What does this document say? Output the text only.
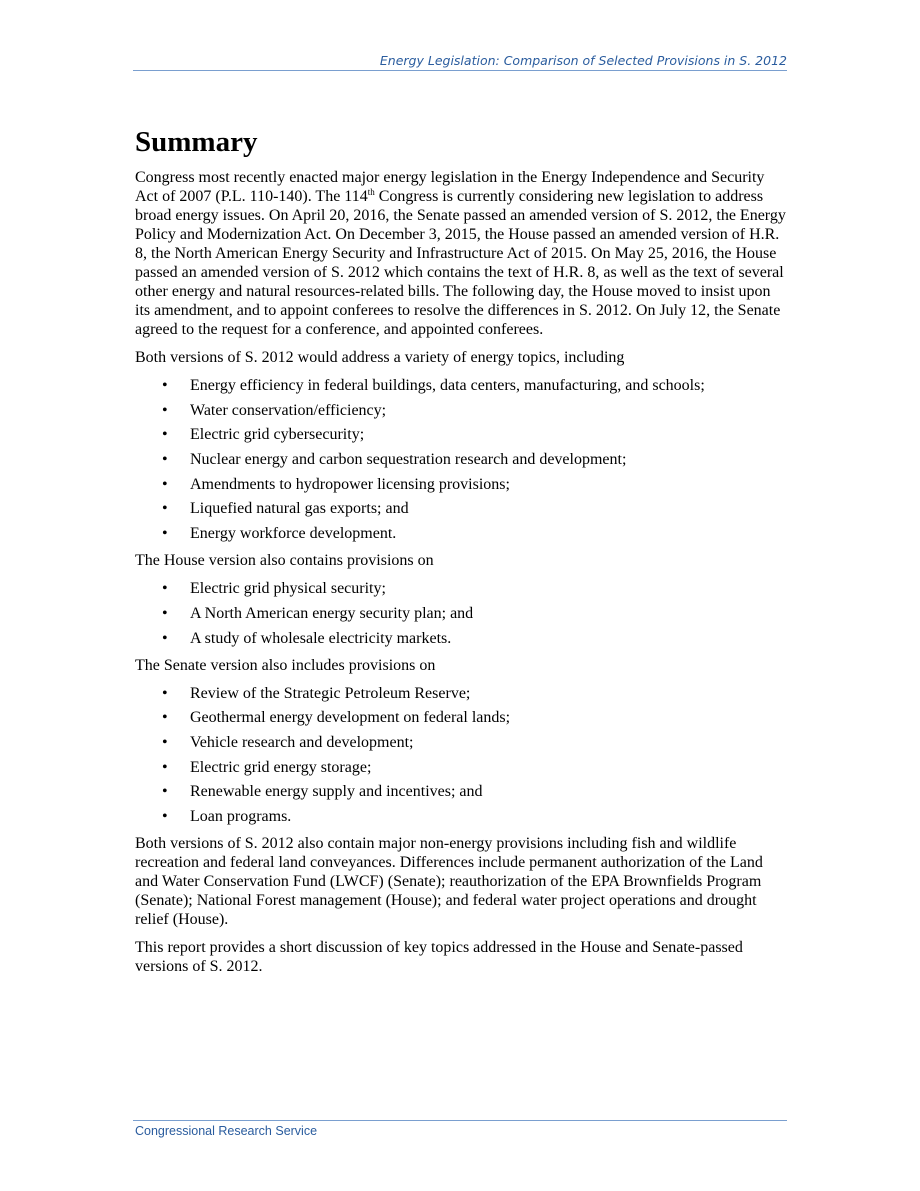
Energy Legislation: Comparison of Selected Provisions in S. 2012
Summary

Congress most recently enacted major energy legislation in the Energy Independence and Security Act of 2007 (P.L. 110-140). The 114th Congress is currently considering new legislation to address broad energy issues. On April 20, 2016, the Senate passed an amended version of S. 2012, the Energy Policy and Modernization Act. On December 3, 2015, the House passed an amended version of H.R. 8, the North American Energy Security and Infrastructure Act of 2015. On May 25, 2016, the House passed an amended version of S. 2012 which contains the text of H.R. 8, as well as the text of several other energy and natural resources-related bills. The following day, the House moved to insist upon its amendment, and to appoint conferees to resolve the differences in S. 2012. On July 12, the Senate agreed to the request for a conference, and appointed conferees.

Both versions of S. 2012 would address a variety of energy topics, including

• Energy efficiency in federal buildings, data centers, manufacturing, and schools;
• Water conservation/efficiency;
• Electric grid cybersecurity;
• Nuclear energy and carbon sequestration research and development;
• Amendments to hydropower licensing provisions;
• Liquefied natural gas exports; and
• Energy workforce development.

The House version also contains provisions on

• Electric grid physical security;
• A North American energy security plan; and
• A study of wholesale electricity markets.

The Senate version also includes provisions on

• Review of the Strategic Petroleum Reserve;
• Geothermal energy development on federal lands;
• Vehicle research and development;
• Electric grid energy storage;
• Renewable energy supply and incentives; and
• Loan programs.

Both versions of S. 2012 also contain major non-energy provisions including fish and wildlife recreation and federal land conveyances. Differences include permanent authorization of the Land and Water Conservation Fund (LWCF) (Senate); reauthorization of the EPA Brownfields Program (Senate); National Forest management (House); and federal water project operations and drought relief (House).

This report provides a short discussion of key topics addressed in the House and Senate-passed versions of S. 2012.

Congressional Research Service
